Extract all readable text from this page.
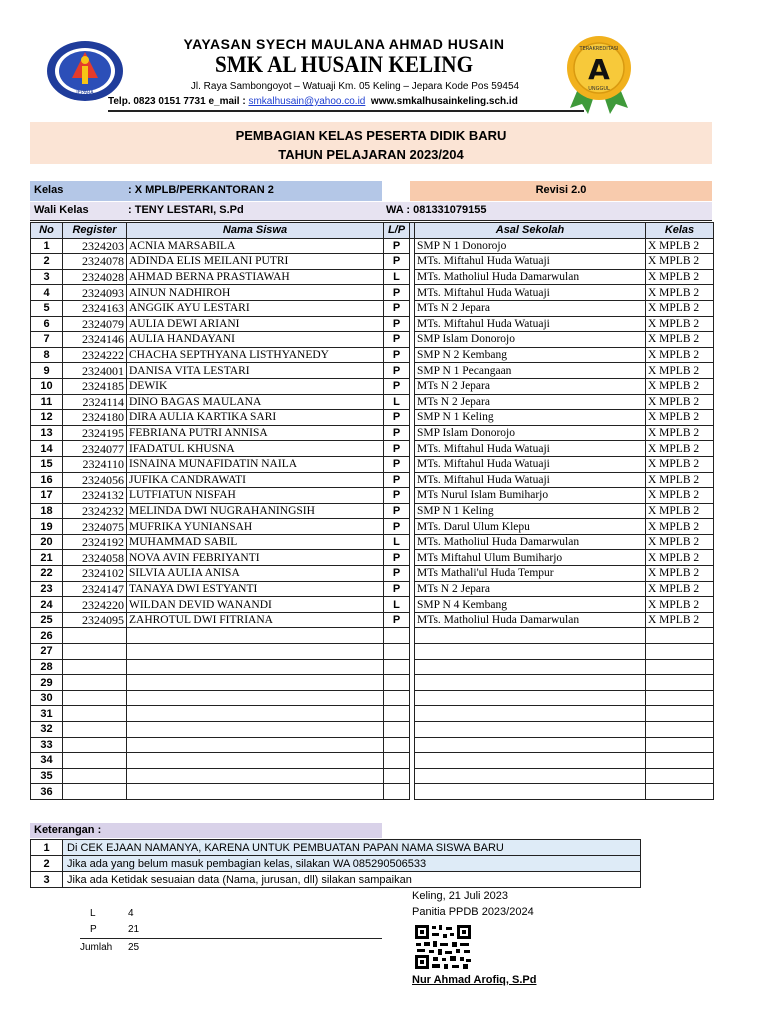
JEPARA
YAYASAN SYECH MAULANA AHMAD HUSAIN
SMK AL HUSAIN KELING
Jl. Raya Sambongoyot – Watuaji Km. 05 Keling – Jepara Kode Pos 59454
Telp. 0823 0151 7731 e_mail : smkalhusain@yahoo.co.id www.smkalhusainkeling.sch.id
TERAKREDITASI
A
UNGGUL
PEMBAGIAN KELAS PESERTA DIDIK BARU
TAHUN PELAJARAN 2023/204
Kelas	: X MPLB/PERKANTORAN 2	Revisi 2.0
Wali Kelas	: TENY LESTARI, S.Pd	WA : 081331079155
No	Register	Nama Siswa	L/P		Asal Sekolah	Kelas
1	2324203	ACNIA MARSABILA	P		SMP N 1 Donorojo	X MPLB 2
2	2324078	ADINDA ELIS MEILANI PUTRI	P		MTs. Miftahul Huda Watuaji	X MPLB 2
3	2324028	AHMAD BERNA PRASTIAWAH	L		MTs. Matholiul Huda Damarwulan	X MPLB 2
4	2324093	AINUN NADHIROH	P		MTs. Miftahul Huda Watuaji	X MPLB 2
5	2324163	ANGGIK AYU LESTARI	P		MTs N 2 Jepara	X MPLB 2
6	2324079	AULIA DEWI ARIANI	P		MTs. Miftahul Huda Watuaji	X MPLB 2
7	2324146	AULIA HANDAYANI	P		SMP Islam Donorojo	X MPLB 2
8	2324222	CHACHA SEPTHYANA LISTHYANEDY	P		SMP N 2 Kembang	X MPLB 2
9	2324001	DANISA VITA LESTARI	P		SMP N 1 Pecangaan	X MPLB 2
10	2324185	DEWIK	P		MTs N 2 Jepara	X MPLB 2
11	2324114	DINO BAGAS MAULANA	L		MTs N 2 Jepara	X MPLB 2
12	2324180	DIRA AULIA KARTIKA SARI	P		SMP N 1 Keling	X MPLB 2
13	2324195	FEBRIANA PUTRI ANNISA	P		SMP Islam Donorojo	X MPLB 2
14	2324077	IFADATUL KHUSNA	P		MTs. Miftahul Huda Watuaji	X MPLB 2
15	2324110	ISNAINA MUNAFIDATIN NAILA	P		MTs. Miftahul Huda Watuaji	X MPLB 2
16	2324056	JUFIKA CANDRAWATI	P		MTs. Miftahul Huda Watuaji	X MPLB 2
17	2324132	LUTFIATUN NISFAH	P		MTs Nurul Islam Bumiharjo	X MPLB 2
18	2324232	MELINDA DWI NUGRAHANINGSIH	P		SMP N 1 Keling	X MPLB 2
19	2324075	MUFRIKA YUNIANSAH	P		MTs. Darul Ulum Klepu	X MPLB 2
20	2324192	MUHAMMAD SABIL	L		MTs. Matholiul Huda Damarwulan	X MPLB 2
21	2324058	NOVA AVIN FEBRIYANTI	P		MTs Miftahul Ulum Bumiharjo	X MPLB 2
22	2324102	SILVIA AULIA ANISA	P		MTs Mathali'ul Huda Tempur	X MPLB 2
23	2324147	TANAYA DWI ESTYANTI	P		MTs N 2 Jepara	X MPLB 2
24	2324220	WILDAN DEVID WANANDI	L		SMP N 4 Kembang	X MPLB 2
25	2324095	ZAHROTUL DWI FITRIANA	P		MTs. Matholiul Huda Damarwulan	X MPLB 2
26						
27						
28						
29						
30						
31						
32						
33						
34						
35						
36						
Keterangan :
1	Di CEK EJAAN NAMANYA, KARENA UNTUK PEMBUATAN PAPAN NAMA SISWA BARU
2	Jika ada yang belum masuk pembagian kelas, silakan WA 085290506533
3	Jika ada Ketidak sesuaian data (Nama, jurusan, dll) silakan sampaikan
L	4
P	21
Jumlah 25
Keling, 21 Juli 2023
Panitia PPDB 2023/2024
Nur Ahmad Arofiq, S.Pd
